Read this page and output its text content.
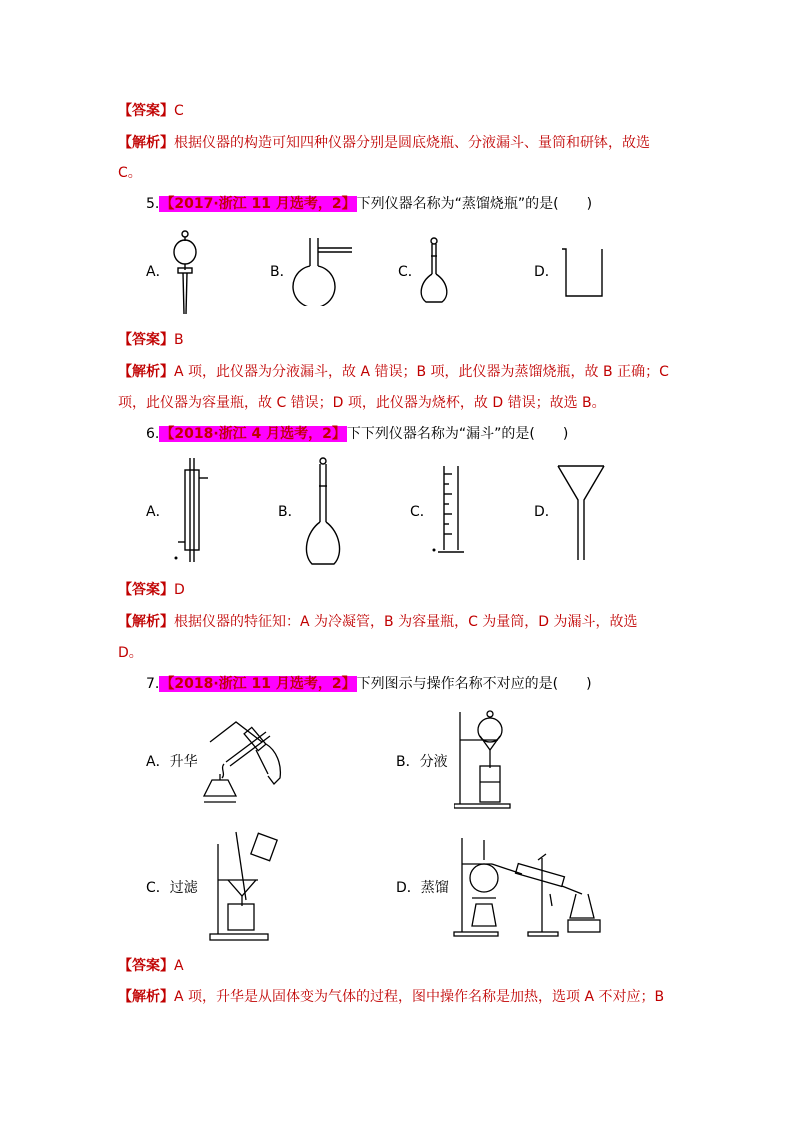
【答案】C
【解析】根据仪器的构造可知四种仪器分别是圆底烧瓶、分液漏斗、量筒和研钵，故选
C。
5.【2017·浙江 11 月选考，2】下列仪器名称为“蒸馏烧瓶”的是(　　)
A．	B．	C．	D．
【答案】B
【解析】A 项，此仪器为分液漏斗，故 A 错误；B 项，此仪器为蒸馏烧瓶，故 B 正确；C
项，此仪器为容量瓶，故 C 错误；D 项，此仪器为烧杯，故 D 错误；故选 B。
6.【2018·浙江 4 月选考，2】下下列仪器名称为“漏斗”的是(　　)
A．	B．	C．	D．
【答案】D
【解析】根据仪器的特征知：A 为冷凝管，B 为容量瓶，C 为量筒，D 为漏斗，故选
D。
7.【2018·浙江 11 月选考，2】下列图示与操作名称不对应的是(　　)
A．升华	B．分液
C．过滤	D．蒸馏
【答案】A
【解析】A 项，升华是从固体变为气体的过程，图中操作名称是加热，选项 A 不对应；B
